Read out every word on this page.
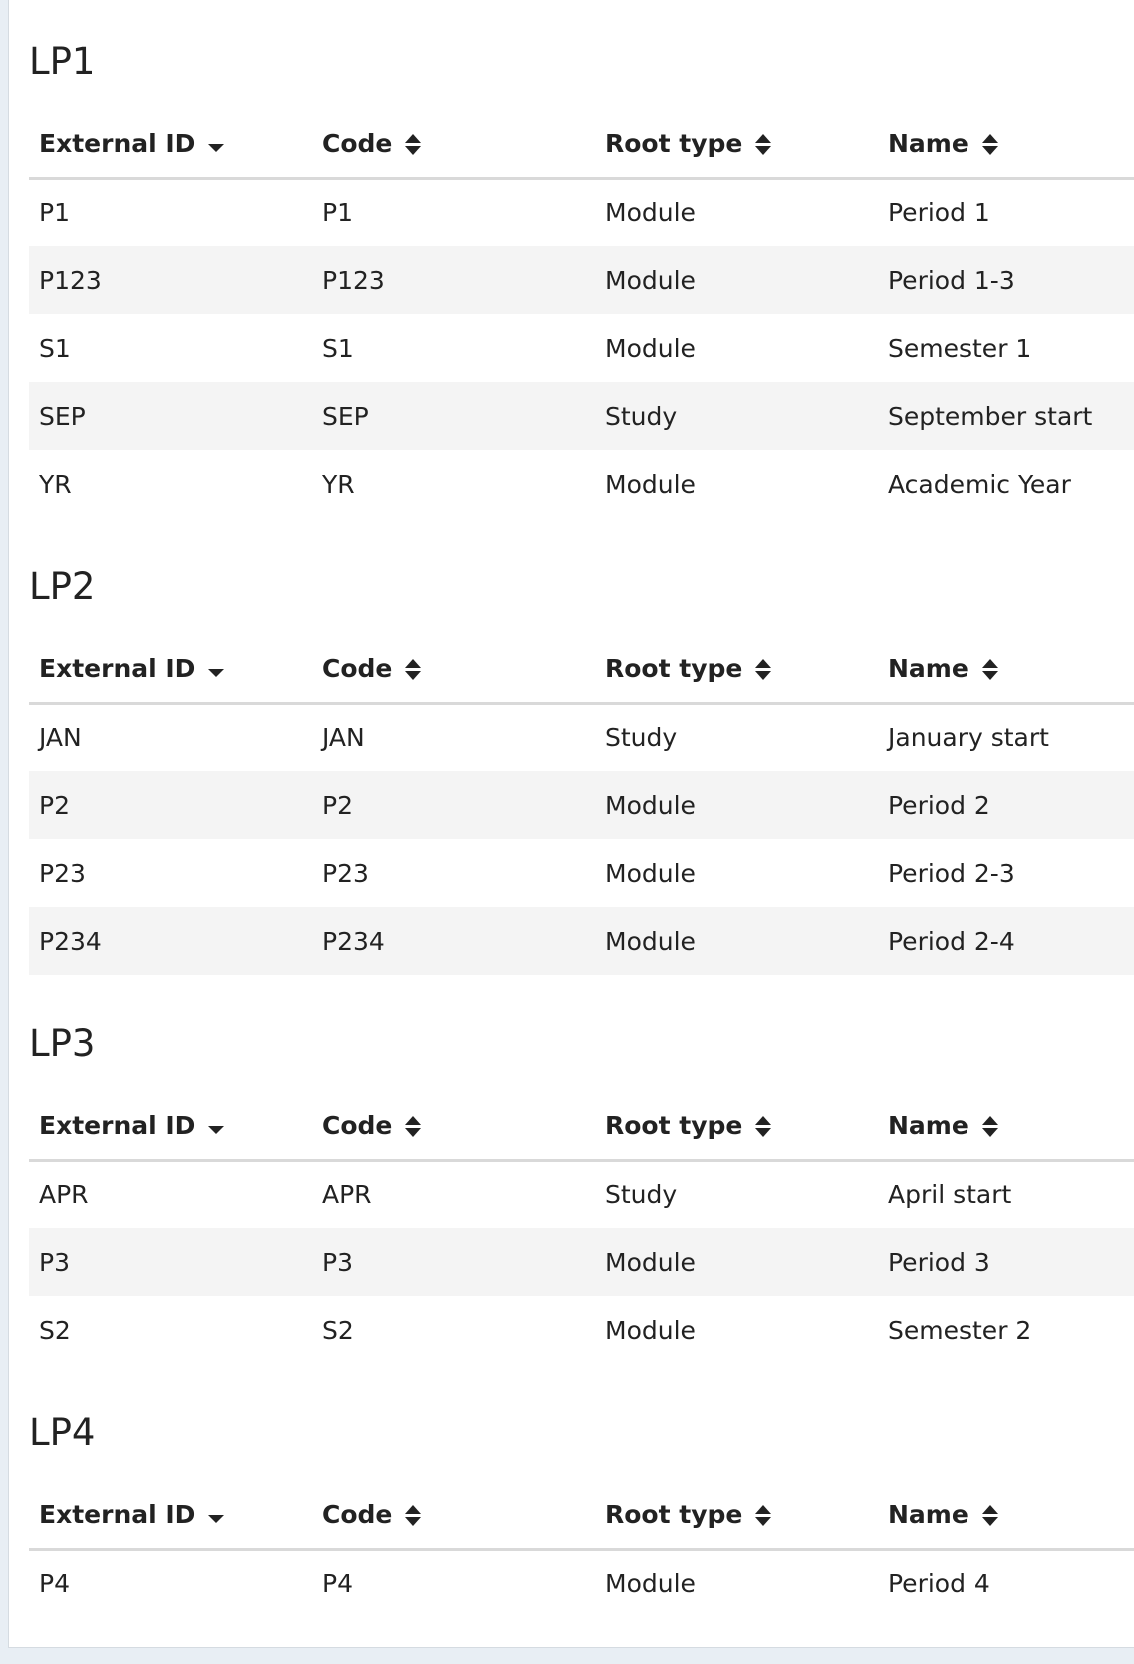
LP1
External ID	Code	Root type	Name
P1	P1	Module	Period 1
P123	P123	Module	Period 1-3
S1	S1	Module	Semester 1
SEP	SEP	Study	September start
YR	YR	Module	Academic Year
LP2
External ID	Code	Root type	Name
JAN	JAN	Study	January start
P2	P2	Module	Period 2
P23	P23	Module	Period 2-3
P234	P234	Module	Period 2-4
LP3
External ID	Code	Root type	Name
APR	APR	Study	April start
P3	P3	Module	Period 3
S2	S2	Module	Semester 2
LP4
External ID	Code	Root type	Name
P4	P4	Module	Period 4
